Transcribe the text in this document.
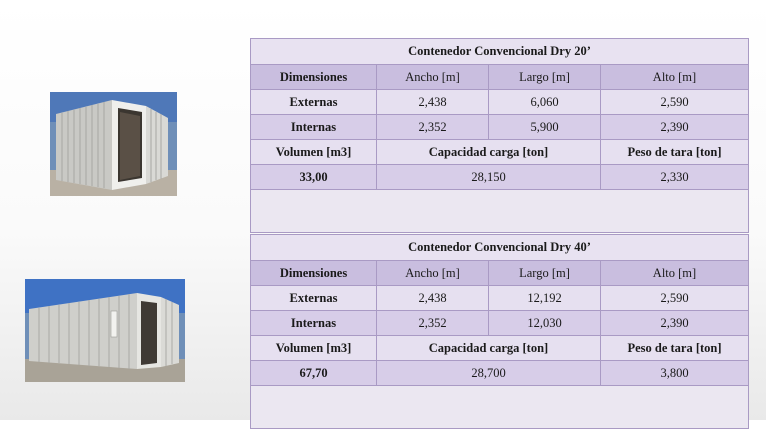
Contenedor Convencional Dry 20’			
Dimensiones	Ancho [m]	Largo [m]	Alto [m]
Externas	2,438	6,060	2,590
Internas	2,352	5,900	2,390
Volumen [m3]	Capacidad carga [ton]		Peso de tara [ton]
33,00	28,150		2,330

Contenedor Convencional Dry 40’			
Dimensiones	Ancho [m]	Largo [m]	Alto [m]
Externas	2,438	12,192	2,590
Internas	2,352	12,030	2,390
Volumen [m3]	Capacidad carga [ton]		Peso de tara [ton]
67,70	28,700		3,800
